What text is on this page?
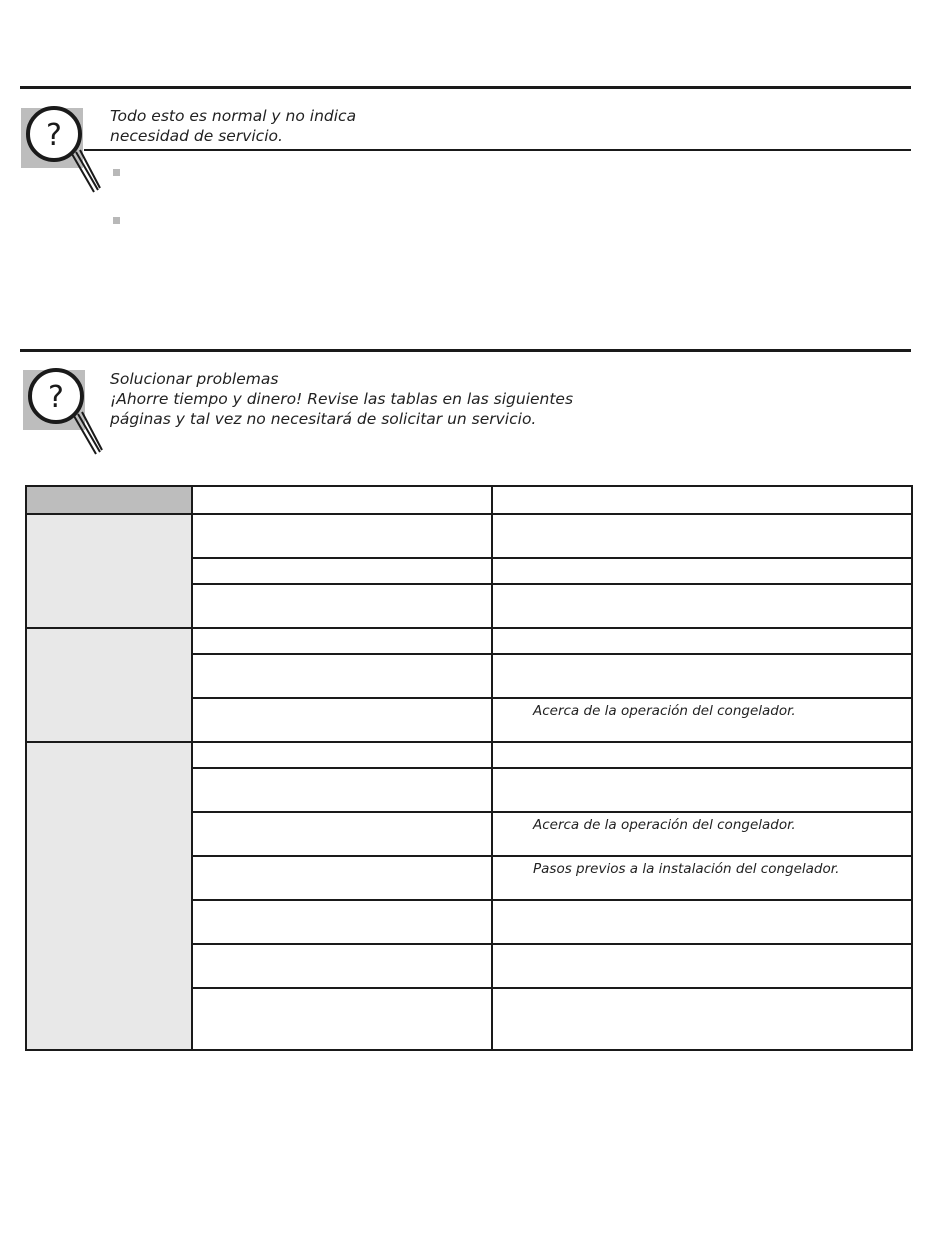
?
Todo esto es normal y no indica
necesidad de servicio.
?
Solucionar problemas
¡Ahorre tiempo y dinero! Revise las tablas en las siguientes
páginas y tal vez no necesitará de solicitar un servicio.

		Acerca de la operación del congelador.

		Acerca de la operación del congelador.

		Pasos previos a la instalación del congelador.
